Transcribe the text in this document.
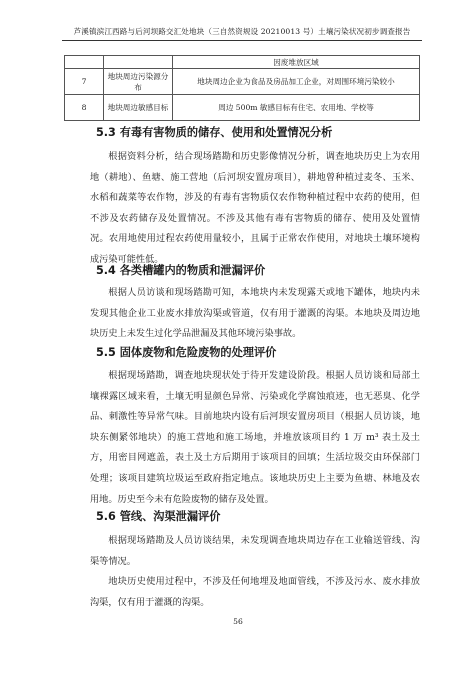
芦溪镇滨江西路与后河坝路交汇处地块（三自然资规设 20210013 号）土壤污染状况初步调查报告
		因废堆放区域
7	地块周边污染源分布	地块周边企业为食品及房品加工企业，对周围环境污染较小
8	地块周边敏感目标	周边 500m 敏感目标有住宅、农用地、学校等
5.3 有毒有害物质的储存、使用和处置情况分析

根据资料分析，结合现场踏勘和历史影像情况分析，调查地块历史上为农用地（耕地）、鱼塘、施工营地（后河坝安置房项目），耕地曾种植过麦冬、玉米、水稻和蔬菜等农作物，涉及的有毒有害物质仅农作物种植过程中农药的使用，但不涉及农药储存及处置情况。不涉及其他有毒有害物质的储存、使用及处置情况。农用地使用过程农药使用量较小，且属于正常农作使用，对地块土壤环境构成污染可能性低。

5.4 各类槽罐内的物质和泄漏评价

根据人员访谈和现场踏勘可知，本地块内未发现露天或地下罐体，地块内未发现其他企业工业废水排放沟渠或管道，仅有用于灌溉的沟渠。本地块及周边地块历史上未发生过化学品泄漏及其他环境污染事故。

5.5 固体废物和危险废物的处理评价

根据现场踏勘，调查地块现状处于待开发建设阶段。根据人员访谈和局部土壤裸露区域来看，土壤无明显颜色异常、污染或化学腐蚀痕迹，也无恶臭、化学品、刺激性等异常气味。目前地块内设有后河坝安置房项目（根据人员访谈，地块东侧紧邻地块）的施工营地和施工场地，并堆放该项目约 1 万 m³ 表土及土方，用密目网遮盖，表土及土方后期用于该项目的回填；生活垃圾交由环保部门处理；该项目建筑垃圾运至政府指定地点。该地块历史上主要为鱼塘、林地及农用地。历史至今未有危险废物的储存及处置。

5.6 管线、沟渠泄漏评价

根据现场踏勘及人员访谈结果，未发现调查地块周边存在工业输送管线、沟渠等情况。

地块历史使用过程中，不涉及任何地埋及地面管线，不涉及污水、废水排放沟渠，仅有用于灌溉的沟渠。

56
